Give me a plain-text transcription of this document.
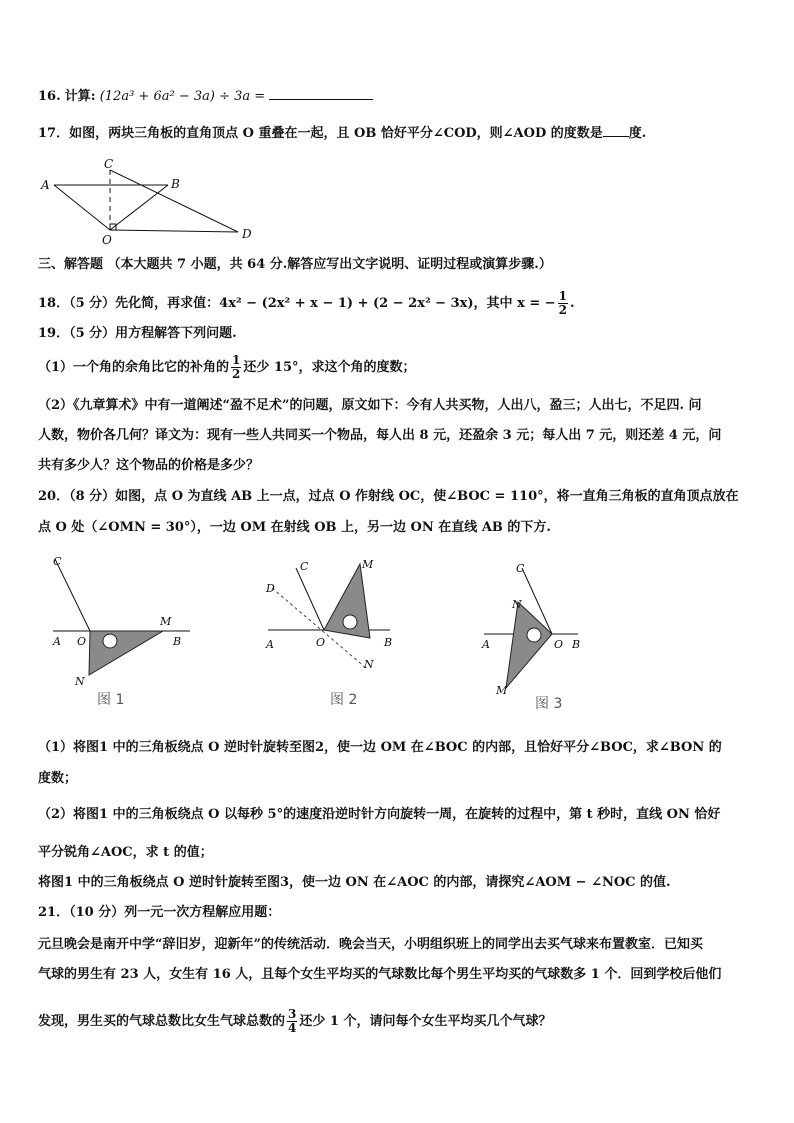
16. 计算: (12a³ + 6a² − 3a) ÷ 3a =
17．如图，两块三角板的直角顶点 O 重叠在一起，且 OB 恰好平分∠COD，则∠AOD 的度数是 度.
A	B
C
O	D
三、解答题 （本大题共 7 小题，共 64 分.解答应写出文字说明、证明过程或演算步骤.）
18．（5 分）先化简，再求值：4x² − (2x² + x − 1) + (2 − 2x² − 3x)，其中 x = − $\frac{1}{2}$ .
19．（5 分）用方程解答下列问题.
（1）一个角的余角比它的补角的 $\frac{1}{2}$ 还少 15°，求这个角的度数；
（2）《九章算术》中有一道阐述“盈不足术”的问题，原文如下：今有人共买物，人出八，盈三；人出七，不足四. 问
人数，物价各几何？译文为：现有一些人共同买一个物品，每人出 8 元，还盈余 3 元；每人出 7 元，则还差 4 元，问
共有多少人？这个物品的价格是多少？
20．（8 分）如图，点 O 为直线 AB 上一点，过点 O 作射线 OC，使∠BOC = 110°，将一直角三角板的直角顶点放在
点 O 处（∠OMN = 30°），一边 OM 在射线 OB 上，另一边 ON 在直线 AB 的下方.
C
A O
M
B
N
图 1
C
D
M
A	O	B
N
图 2
C
N
A	O B
M
图 3
（1）将图1 中的三角板绕点 O 逆时针旋转至图2，使一边 OM 在∠BOC 的内部，且恰好平分∠BOC，求∠BON 的
度数；
（2）将图1 中的三角板绕点 O 以每秒 5°的速度沿逆时针方向旋转一周，在旋转的过程中，第 t 秒时，直线 ON 恰好
平分锐角∠AOC，求 t 的值；
将图1 中的三角板绕点 O 逆时针旋转至图3，使一边 ON 在∠AOC 的内部，请探究∠AOM − ∠NOC 的值.
21．（10 分）列一元一次方程解应用题：
元旦晚会是南开中学“辞旧岁，迎新年”的传统活动．晚会当天，小明组织班上的同学出去买气球来布置教室．已知买
气球的男生有 23 人，女生有 16 人，且每个女生平均买的气球数比每个男生平均买的气球数多 1 个．回到学校后他们
发现，男生买的气球总数比女生气球总数的 $\frac{3}{4}$ 还少 1 个，请问每个女生平均买几个气球？
